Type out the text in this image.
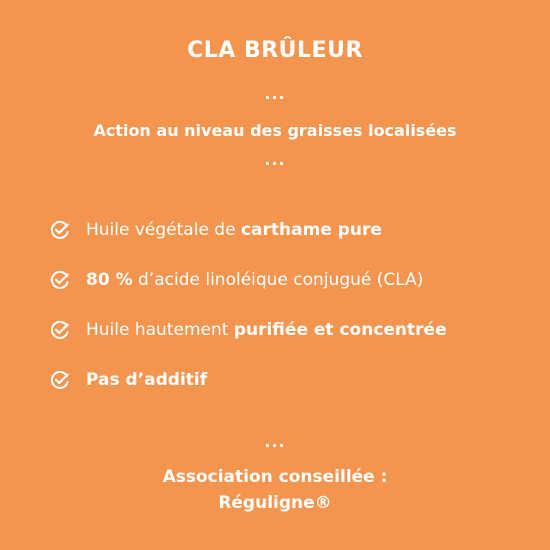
CLA BRÛLEUR
...
Action au niveau des graisses localisées
...
Huile végétale de carthame pure
80 % d’acide linoléique conjugué (CLA)
Huile hautement purifiée et concentrée
Pas d’additif
...
Association conseillée :
Réguligne®
